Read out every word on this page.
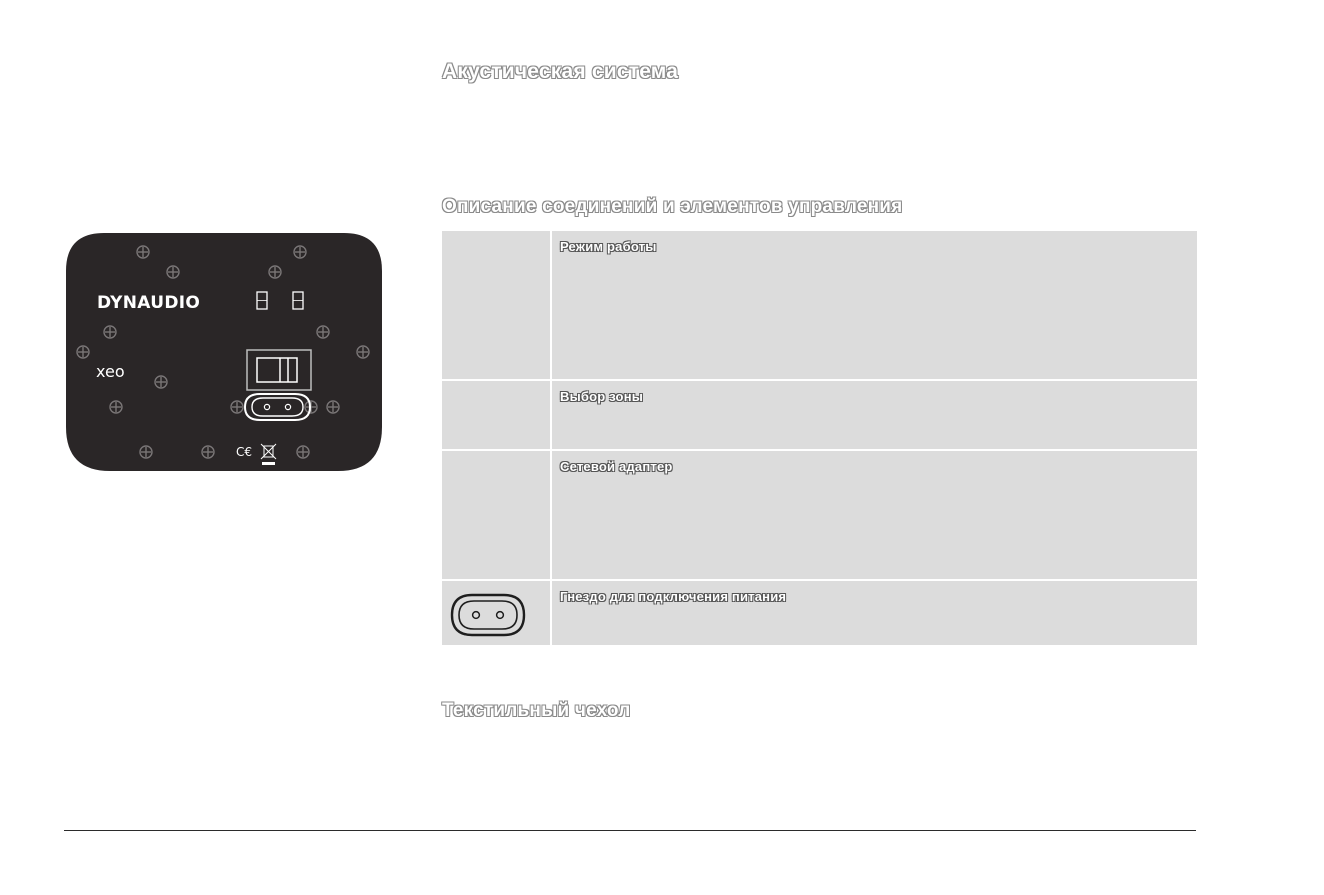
Акустическая система
Описание соединений и элементов управления
DYNAUDIO
xeo
C€

	Режим работы

	Выбор зоны

	Сетевой адаптер

Гнездо для подключения питания
Текстильный чехол
